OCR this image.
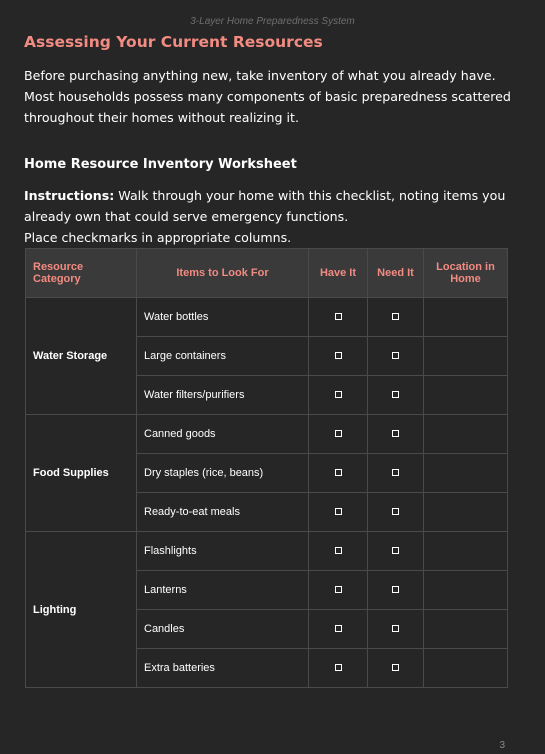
3-Layer Home Preparedness System
Assessing Your Current Resources
Before purchasing anything new, take inventory of what you already have. Most households possess many components of basic preparedness scattered throughout their homes without realizing it.
Home Resource Inventory Worksheet
Instructions: Walk through your home with this checklist, noting items you
already own that could serve emergency functions.
Place checkmarks in appropriate columns.
Resource Category	Items to Look For	Have It	Need It	Location in Home
Water Storage	Water bottles			
	Large containers			
	Water filters/purifiers			
Food Supplies	Canned goods			
	Dry staples (rice, beans)			
	Ready-to-eat meals			
Lighting	Flashlights			
	Lanterns			
	Candles			
	Extra batteries			
3
